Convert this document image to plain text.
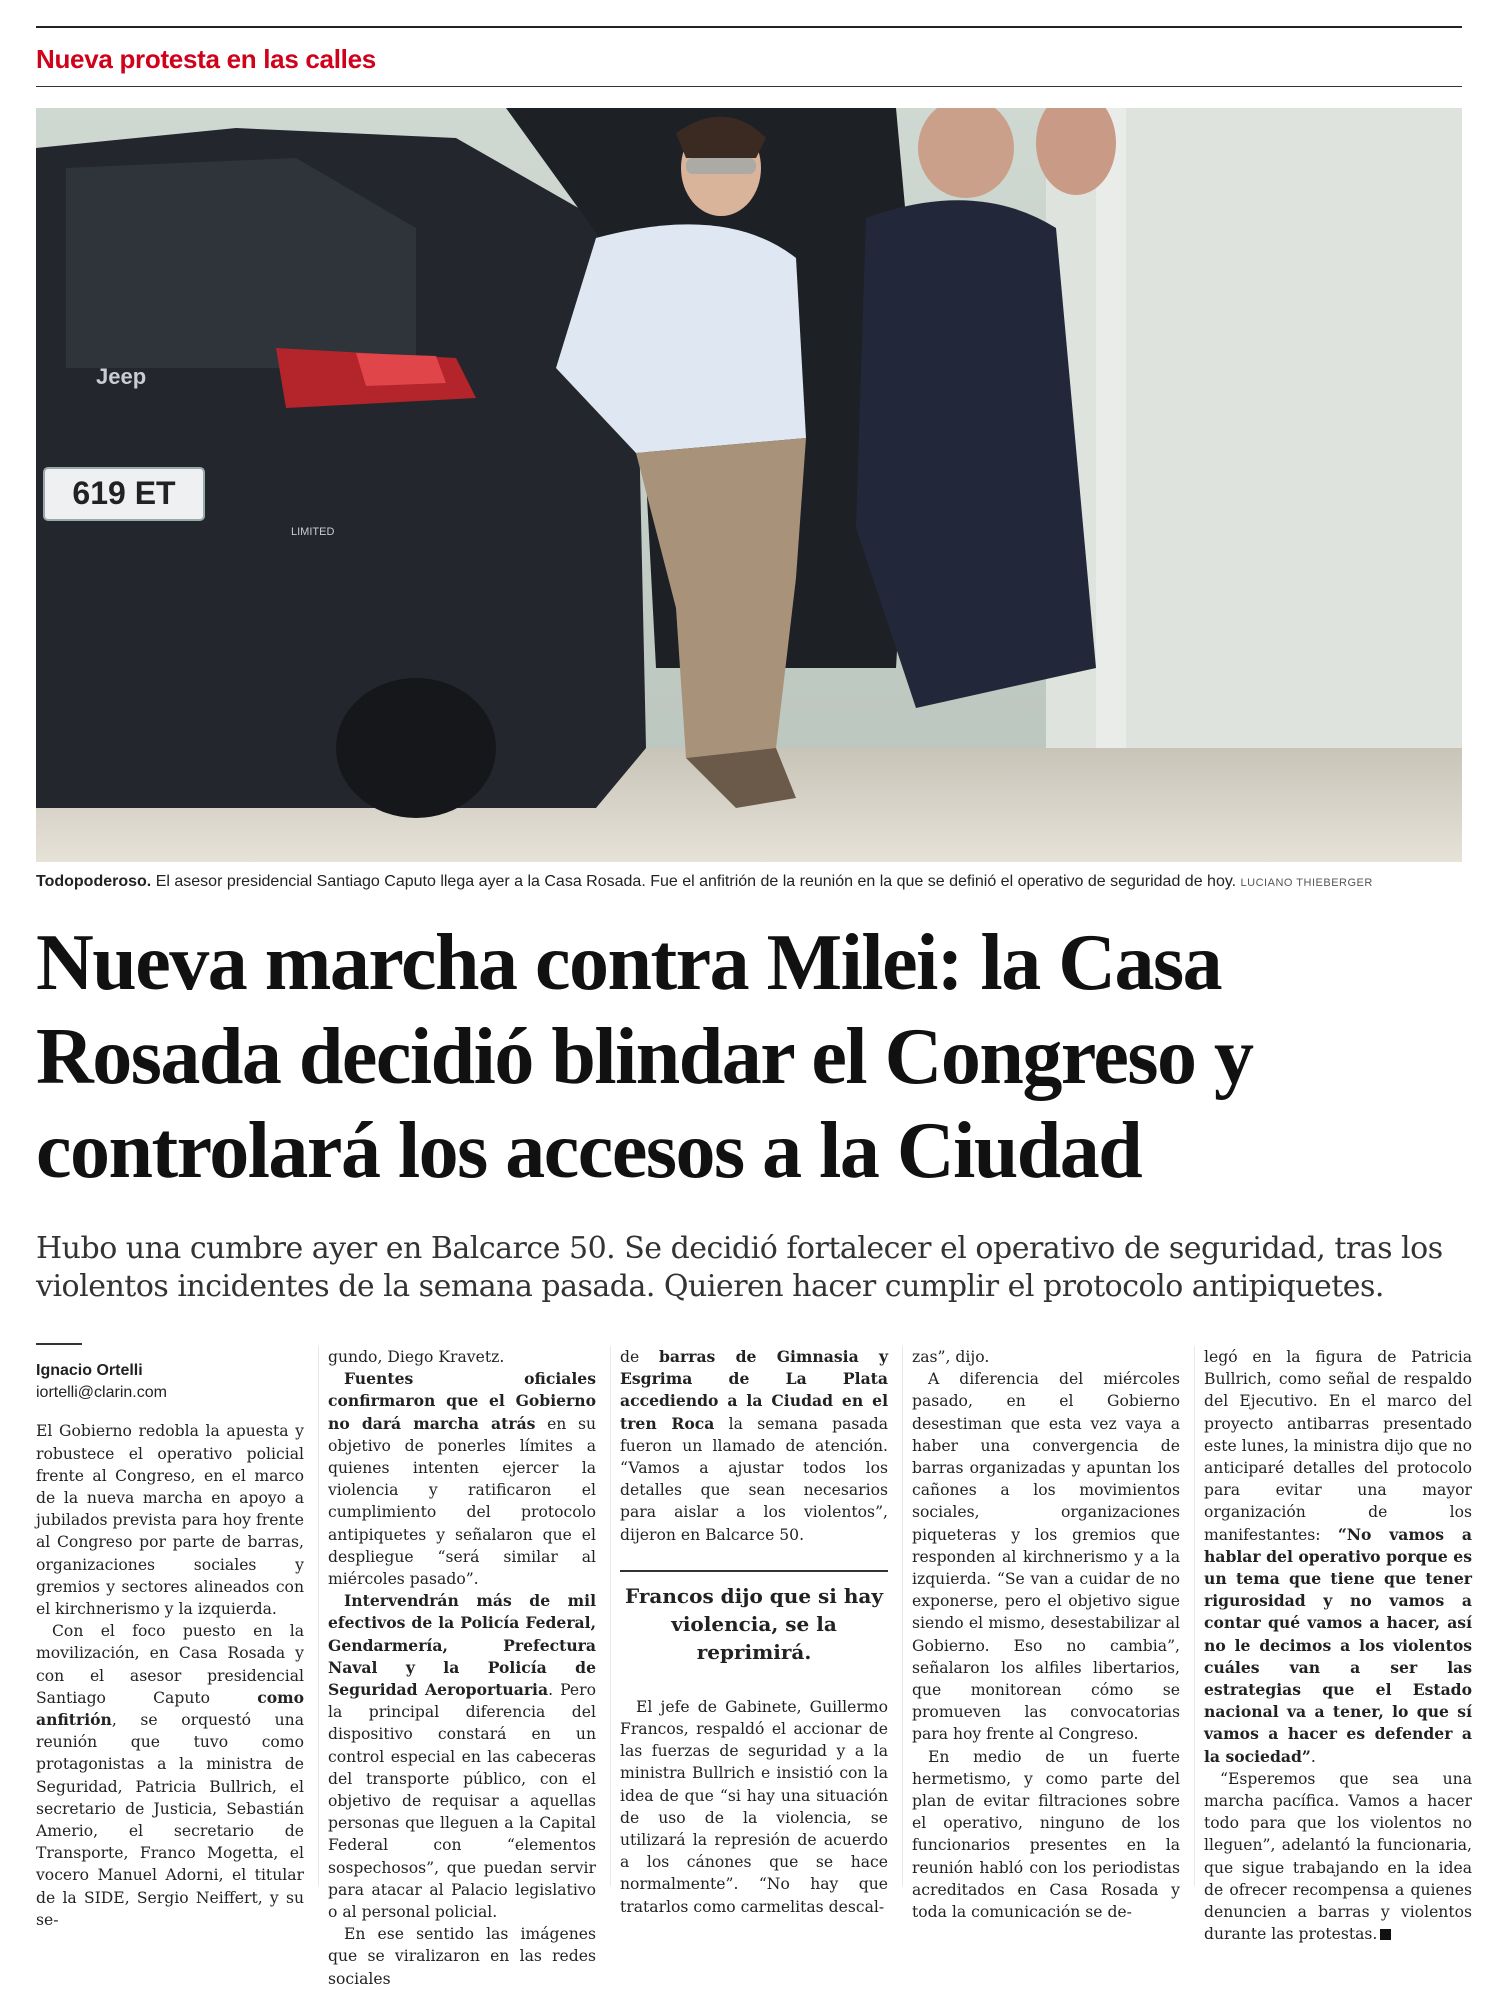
Nueva protesta en las calles
619 ET
Jeep
LIMITED
Todopoderoso. El asesor presidencial Santiago Caputo llega ayer a la Casa Rosada. Fue el anfitrión de la reunión en la que se definió el operativo de seguridad de hoy. LUCIANO THIEBERGER
Nueva marcha contra Milei: la Casa Rosada decidió blindar el Congreso y controlará los accesos a la Ciudad

Hubo una cumbre ayer en Balcarce 50. Se decidió fortalecer el operativo de seguridad, tras los violentos incidentes de la semana pasada. Quieren hacer cumplir el protocolo antipiquetes.

Ignacio Ortelli
iortelli@clarin.com

El Gobierno redobla la apuesta y robustece el operativo policial frente al Congreso, en el marco de la nueva marcha en apoyo a jubilados prevista para hoy frente al Congreso por parte de barras, organizaciones sociales y gremios y sectores alineados con el kirchnerismo y la izquierda.

Con el foco puesto en la movilización, en Casa Rosada y con el asesor presidencial Santiago Caputo como anfitrión, se orquestó una reunión que tuvo como protagonistas a la ministra de Seguridad, Patricia Bullrich, el secretario de Justicia, Sebastián Amerio, el secretario de Transporte, Franco Mogetta, el vocero Manuel Adorni, el titular de la SIDE, Sergio Neiffert, y su se-

gundo, Diego Kravetz.

Fuentes oficiales confirmaron que el Gobierno no dará marcha atrás en su objetivo de ponerles límites a quienes intenten ejercer la violencia y ratificaron el cumplimiento del protocolo antipiquetes y señalaron que el despliegue “será similar al miércoles pasado”.

Intervendrán más de mil efectivos de la Policía Federal, Gendarmería, Prefectura Naval y la Policía de Seguridad Aeroportuaria. Pero la principal diferencia del dispositivo constará en un control especial en las cabeceras del transporte público, con el objetivo de requisar a aquellas personas que lleguen a la Capital Federal con “elementos sospechosos”, que puedan servir para atacar al Palacio legislativo o al personal policial.

En ese sentido las imágenes que se viralizaron en las redes sociales

de barras de Gimnasia y Esgrima de La Plata accediendo a la Ciudad en el tren Roca la semana pasada fueron un llamado de atención. “Vamos a ajustar todos los detalles que sean necesarios para aislar a los violentos”, dijeron en Balcarce 50.

Francos dijo que si hay violencia, se la reprimirá.

El jefe de Gabinete, Guillermo Francos, respaldó el accionar de las fuerzas de seguridad y a la ministra Bullrich e insistió con la idea de que “si hay una situación de uso de la violencia, se utilizará la represión de acuerdo a los cánones que se hace normalmente”. “No hay que tratarlos como carmelitas descal-

zas”, dijo.

A diferencia del miércoles pasado, en el Gobierno desestiman que esta vez vaya a haber una convergencia de barras organizadas y apuntan los cañones a los movimientos sociales, organizaciones piqueteras y los gremios que responden al kirchnerismo y a la izquierda. “Se van a cuidar de no exponerse, pero el objetivo sigue siendo el mismo, desestabilizar al Gobierno. Eso no cambia”, señalaron los alfiles libertarios, que monitorean cómo se promueven las convocatorias para hoy frente al Congreso.

En medio de un fuerte hermetismo, y como parte del plan de evitar filtraciones sobre el operativo, ninguno de los funcionarios presentes en la reunión habló con los periodistas acreditados en Casa Rosada y toda la comunicación se de-

legó en la figura de Patricia Bullrich, como señal de respaldo del Ejecutivo. En el marco del proyecto antibarras presentado este lunes, la ministra dijo que no anticiparé detalles del protocolo para evitar una mayor organización de los manifestantes: “No vamos a hablar del operativo porque es un tema que tiene que tener rigurosidad y no vamos a contar qué vamos a hacer, así no le decimos a los violentos cuáles van a ser las estrategias que el Estado nacional va a tener, lo que sí vamos a hacer es defender a la sociedad”.

“Esperemos que sea una marcha pacífica. Vamos a hacer todo para que los violentos no lleguen”, adelantó la funcionaria, que sigue trabajando en la idea de ofrecer recompensa a quienes denuncien a barras y violentos durante las protestas.
